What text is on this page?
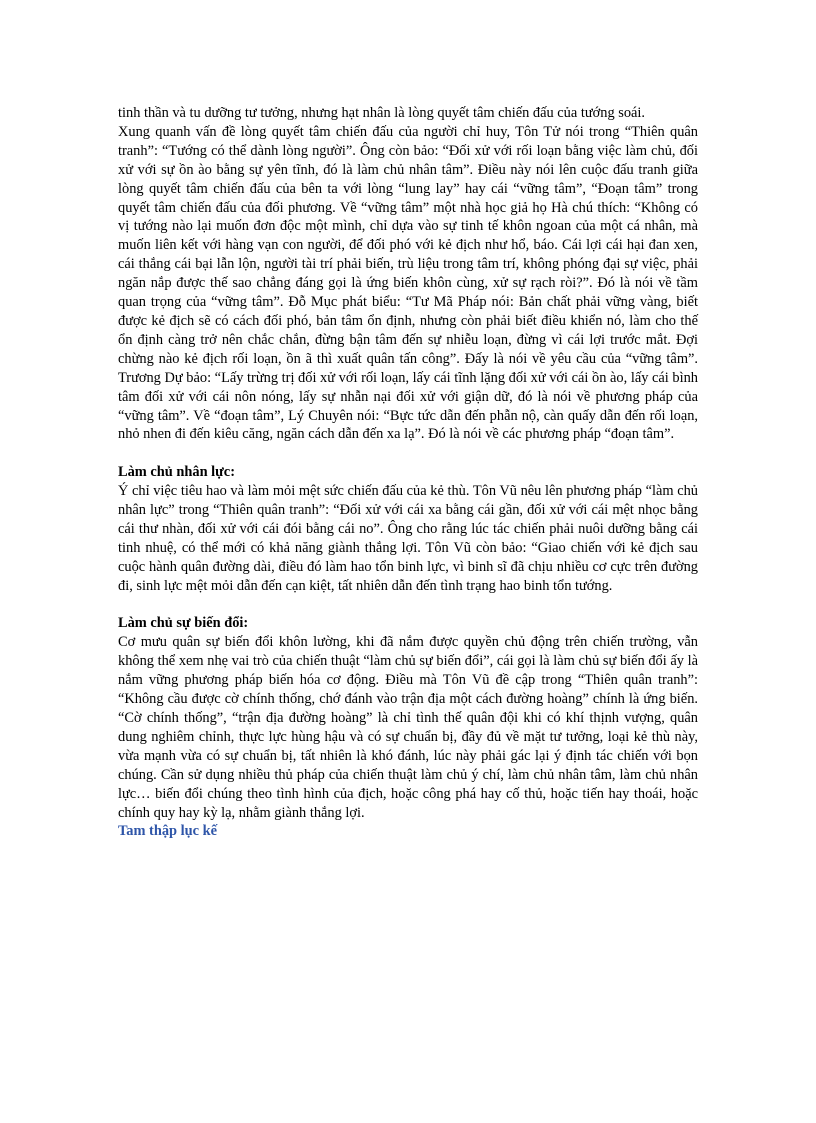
tinh thần và tu dưỡng tư tưởng, nhưng hạt nhân là lòng quyết tâm chiến đấu của tướng soái.

Xung quanh vấn đề lòng quyết tâm chiến đấu của người chỉ huy, Tôn Tử nói trong “Thiên quân tranh”: “Tướng có thể dành lòng người”. Ông còn bảo: “Đối xử với rối loạn bằng việc làm chủ, đối xử với sự ồn ào bằng sự yên tĩnh, đó là làm chủ nhân tâm”. Điều này nói lên cuộc đấu tranh giữa lòng quyết tâm chiến đấu của bên ta với lòng “lung lay” hay cái “vững tâm”, “Đoạn tâm” trong quyết tâm chiến đấu của đối phương. Về “vững tâm” một nhà học giả họ Hà chú thích: “Không có vị tướng nào lại muốn đơn độc một mình, chỉ dựa vào sự tinh tế khôn ngoan của một cá nhân, mà muốn liên kết với hàng vạn con người, để đối phó với kẻ địch như hổ, báo. Cái lợi cái hại đan xen, cái thắng cái bại lẫn lộn, người tài trí phải biến, trù liệu trong tâm trí, không phóng đại sự việc, phải ngăn nắp được thế sao chẳng đáng gọi là ứng biến khôn cùng, xử sự rạch ròi?”. Đó là nói về tầm quan trọng của “vững tâm”. Đỗ Mục phát biểu: “Tư Mã Pháp nói: Bản chất phải vững vàng, biết được kẻ địch sẽ có cách đối phó, bản tâm ổn định, nhưng còn phải biết điều khiển nó, làm cho thế ổn định càng trở nên chắc chắn, đừng bận tâm đến sự nhiễu loạn, đừng vì cái lợi trước mắt. Đợi chừng nào kẻ địch rối loạn, ồn ã thì xuất quân tấn công”. Đấy là nói về yêu cầu của “vững tâm”. Trương Dự bảo: “Lấy trừng trị đối xử với rối loạn, lấy cái tĩnh lặng đối xử với cái ồn ào, lấy cái bình tâm đối xử với cái nôn nóng, lấy sự nhẫn nại đối xử với giận dữ, đó là nói về phương pháp của “vững tâm”. Về “đoạn tâm”, Lý Chuyên nói: “Bực tức dẫn đến phẫn nộ, càn quấy dẫn đến rối loạn, nhỏ nhen đi đến kiêu căng, ngăn cách dẫn đến xa lạ”. Đó là nói về các phương pháp “đoạn tâm”.

Làm chủ nhân lực:

Ý chỉ việc tiêu hao và làm mỏi mệt sức chiến đấu của kẻ thù. Tôn Vũ nêu lên phương pháp “làm chủ nhân lực” trong “Thiên quân tranh”: “Đối xử với cái xa bằng cái gần, đối xử với cái mệt nhọc bằng cái thư nhàn, đối xử với cái đói bằng cái no”. Ông cho rằng lúc tác chiến phải nuôi dưỡng bằng cái tinh nhuệ, có thể mới có khả năng giành thắng lợi. Tôn Vũ còn bảo: “Giao chiến với kẻ địch sau cuộc hành quân đường dài, điều đó làm hao tổn binh lực, vì binh sĩ đã chịu nhiều cơ cực trên đường đi, sinh lực mệt mỏi dẫn đến cạn kiệt, tất nhiên dẫn đến tình trạng hao binh tổn tướng.

Làm chủ sự biến đổi:

Cơ mưu quân sự biến đổi khôn lường, khi đã nắm được quyền chủ động trên chiến trường, vẫn không thể xem nhẹ vai trò của chiến thuật “làm chủ sự biến đổi”, cái gọi là làm chủ sự biến đổi ấy là nắm vững phương pháp biến hóa cơ động. Điều mà Tôn Vũ đề cập trong “Thiên quân tranh”: “Không cầu được cờ chính thống, chớ đánh vào trận địa một cách đường hoàng” chính là ứng biến. “Cờ chính thống”, “trận địa đường hoàng” là chỉ tình thế quân đội khi có khí thịnh vượng, quân dung nghiêm chỉnh, thực lực hùng hậu và có sự chuẩn bị, đầy đủ về mặt tư tưởng, loại kẻ thù này, vừa mạnh vừa có sự chuẩn bị, tất nhiên là khó đánh, lúc này phải gác lại ý định tác chiến với bọn chúng. Cần sử dụng nhiều thủ pháp của chiến thuật làm chủ ý chí, làm chủ nhân tâm, làm chủ nhân lực… biến đổi chúng theo tình hình của địch, hoặc công phá hay cố thủ, hoặc tiến hay thoái, hoặc chính quy hay kỳ lạ, nhằm giành thắng lợi.

Tam thập lục kế
